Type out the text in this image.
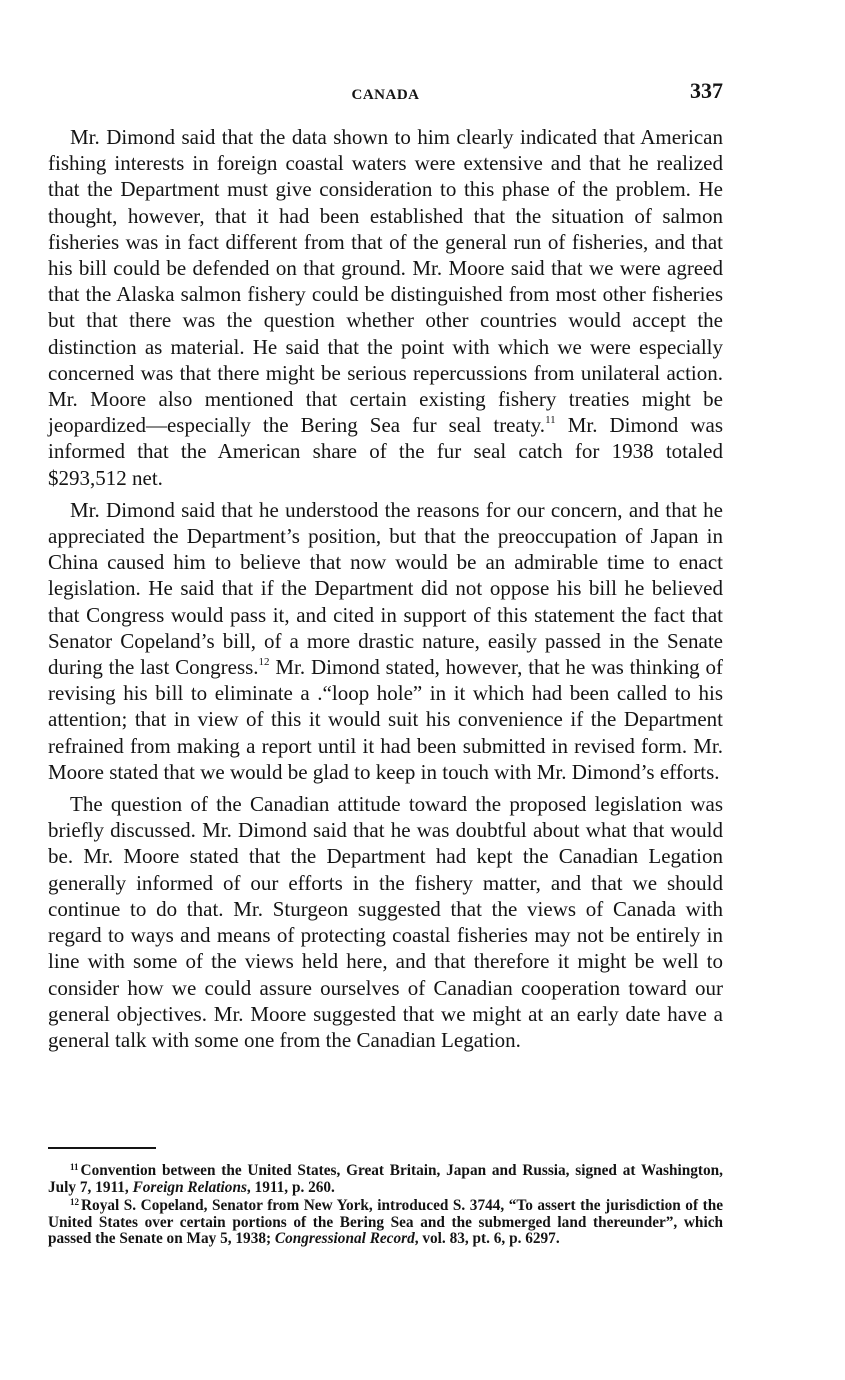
CANADA	337

Mr. Dimond said that the data shown to him clearly indicated that American fishing interests in foreign coastal waters were extensive and that he realized that the Department must give consideration to this phase of the problem. He thought, however, that it had been established that the situation of salmon fisheries was in fact different from that of the general run of fisheries, and that his bill could be defended on that ground. Mr. Moore said that we were agreed that the Alaska salmon fishery could be distinguished from most other fisheries but that there was the question whether other countries would accept the distinction as material. He said that the point with which we were especially concerned was that there might be serious repercussions from unilateral action. Mr. Moore also mentioned that certain existing fishery treaties might be jeopardized—especially the Bering Sea fur seal treaty.$^{11}$ Mr. Dimond was informed that the American share of the fur seal catch for 1938 totaled $293,512 net.

Mr. Dimond said that he understood the reasons for our concern, and that he appreciated the Department’s position, but that the preoccupation of Japan in China caused him to believe that now would be an admirable time to enact legislation. He said that if the Department did not oppose his bill he believed that Congress would pass it, and cited in support of this statement the fact that Senator Copeland’s bill, of a more drastic nature, easily passed in the Senate during the last Congress.$^{12}$ Mr. Dimond stated, however, that he was thinking of revising his bill to eliminate a .“loop hole” in it which had been called to his attention; that in view of this it would suit his convenience if the Department refrained from making a report until it had been submitted in revised form. Mr. Moore stated that we would be glad to keep in touch with Mr. Dimond’s efforts.

The question of the Canadian attitude toward the proposed legislation was briefly discussed. Mr. Dimond said that he was doubtful about what that would be. Mr. Moore stated that the Department had kept the Canadian Legation generally informed of our efforts in the fishery matter, and that we should continue to do that. Mr. Sturgeon suggested that the views of Canada with regard to ways and means of protecting coastal fisheries may not be entirely in line with some of the views held here, and that therefore it might be well to consider how we could assure ourselves of Canadian cooperation toward our general objectives. Mr. Moore suggested that we might at an early date have a general talk with some one from the Canadian Legation.

$^{11}$ Convention between the United States, Great Britain, Japan and Russia, signed at Washington, July 7, 1911, Foreign Relations, 1911, p. 260.

$^{12}$ Royal S. Copeland, Senator from New York, introduced S. 3744, “To assert the jurisdiction of the United States over certain portions of the Bering Sea and the submerged land thereunder”, which passed the Senate on May 5, 1938; Congressional Record, vol. 83, pt. 6, p. 6297.
